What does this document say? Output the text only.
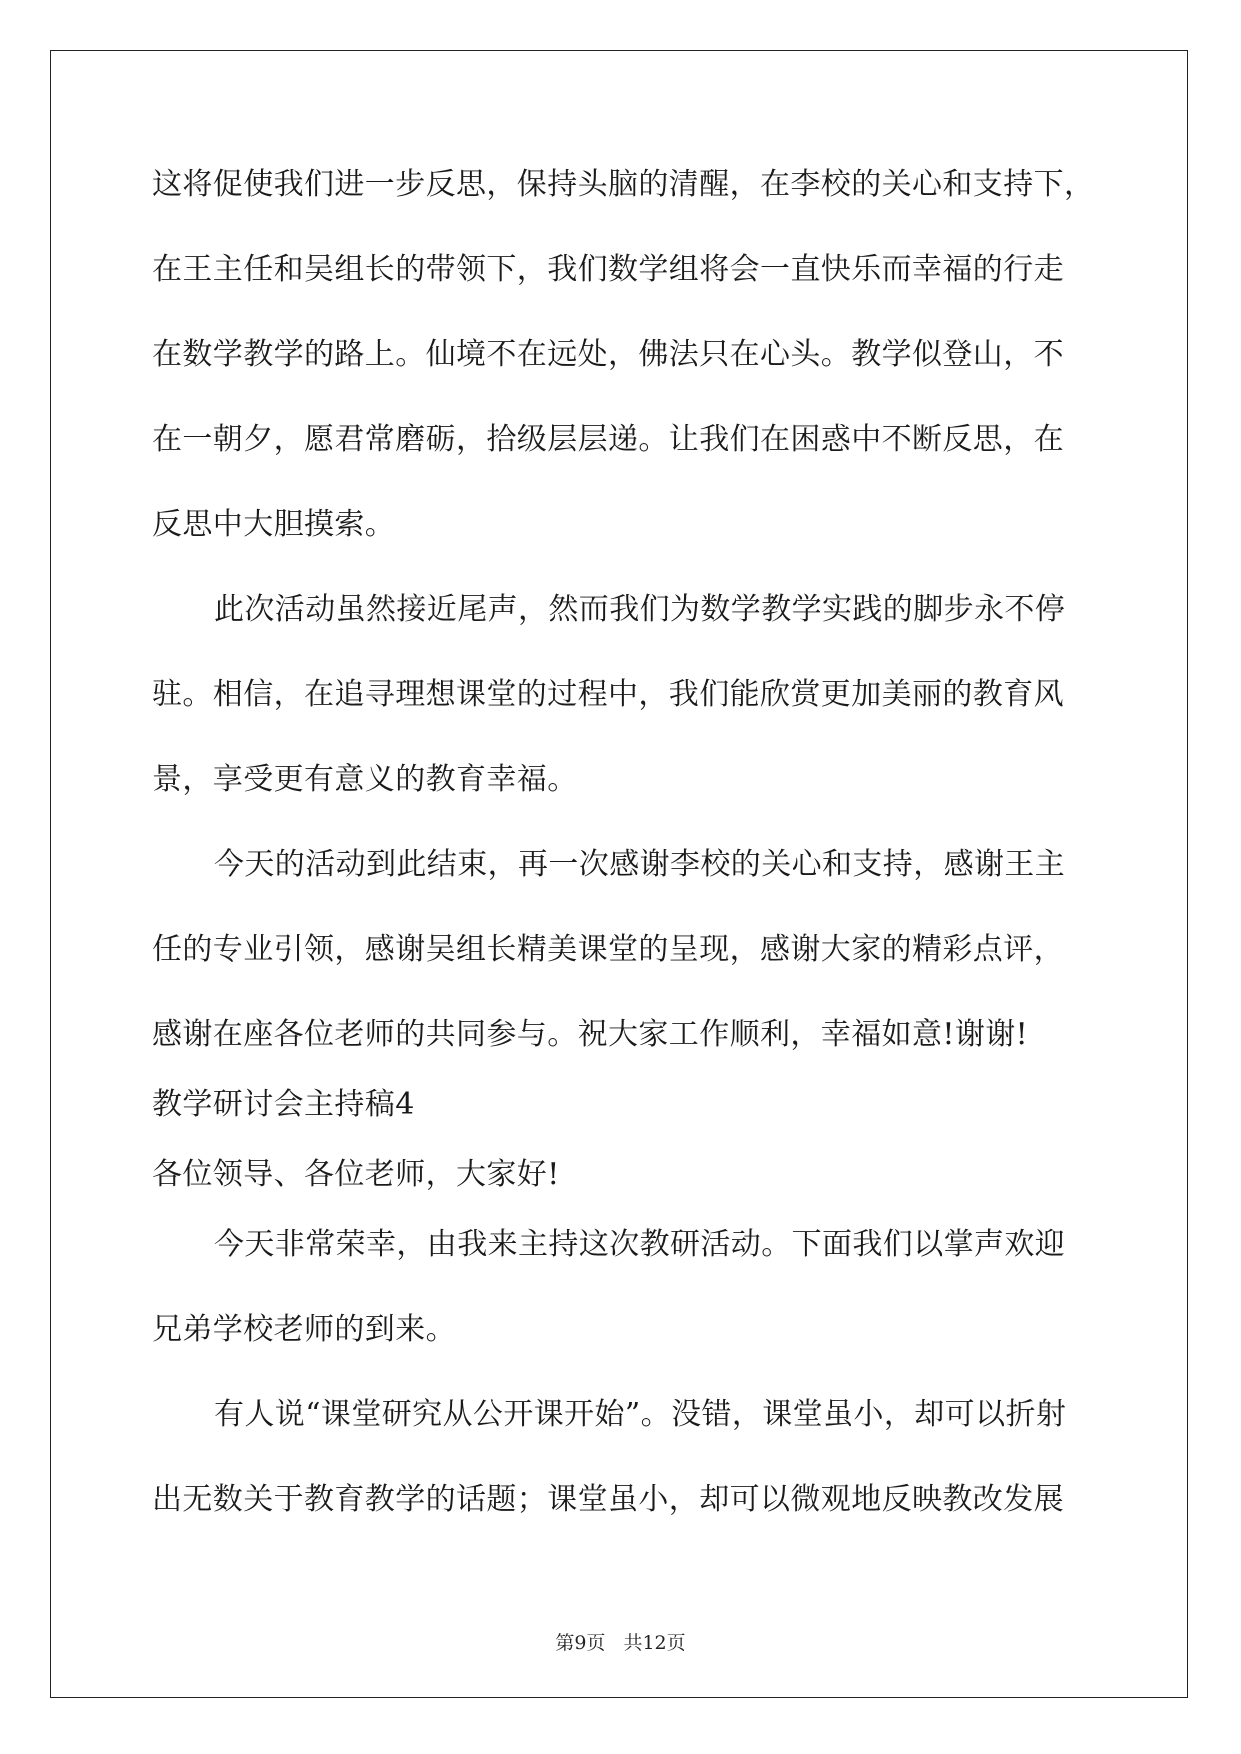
这将促使我们进一步反思，保持头脑的清醒，在李校的关心和支持下，

在王主任和吴组长的带领下，我们数学组将会一直快乐而幸福的行走

在数学教学的路上。仙境不在远处，佛法只在心头。教学似登山，不

在一朝夕，愿君常磨砺，拾级层层递。让我们在困惑中不断反思，在

反思中大胆摸索。

此次活动虽然接近尾声，然而我们为数学教学实践的脚步永不停

驻。相信，在追寻理想课堂的过程中，我们能欣赏更加美丽的教育风

景，享受更有意义的教育幸福。

今天的活动到此结束，再一次感谢李校的关心和支持，感谢王主

任的专业引领，感谢吴组长精美课堂的呈现，感谢大家的精彩点评，

感谢在座各位老师的共同参与。祝大家工作顺利，幸福如意!谢谢!

教学研讨会主持稿4

各位领导、各位老师，大家好!

今天非常荣幸，由我来主持这次教研活动。下面我们以掌声欢迎

兄弟学校老师的到来。

有人说“课堂研究从公开课开始”。没错，课堂虽小，却可以折射

出无数关于教育教学的话题；课堂虽小，却可以微观地反映教改发展

第9页 共12页
